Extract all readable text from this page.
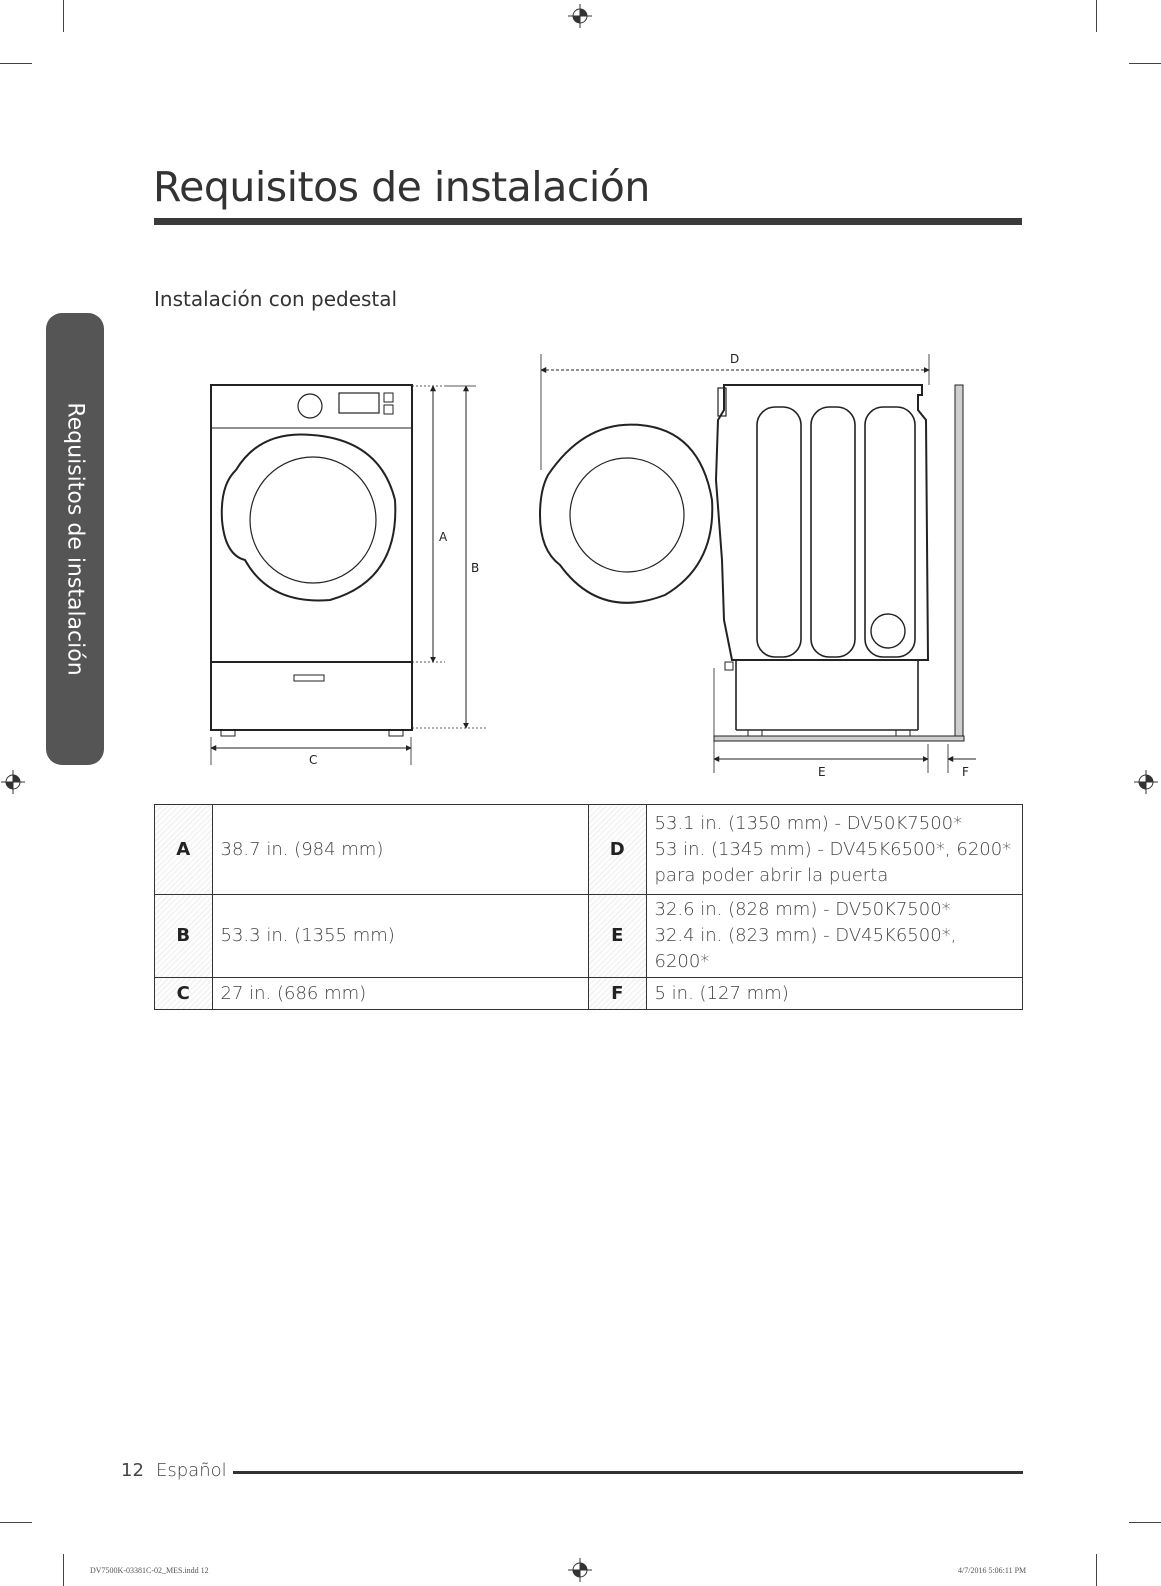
Requisitos de instalación
Instalación con pedestal
Requisitos de instalación	A
B
C
D
E	F
A	38.7 in. (984 mm)	D	53.1 in. (1350 mm) - DV50K7500*
53 in. (1345 mm) - DV45K6500*, 6200*
para poder abrir la puerta

B	53.3 in. (1355 mm)	E	32.6 in. (828 mm) - DV50K7500*
32.4 in. (823 mm) - DV45K6500*, 6200*

C	27 in. (686 mm)	F	5 in. (127 mm)
12 Español
DV7500K-03381C-02_MES.indd 12	4/7/2016 5:06:11 PM
